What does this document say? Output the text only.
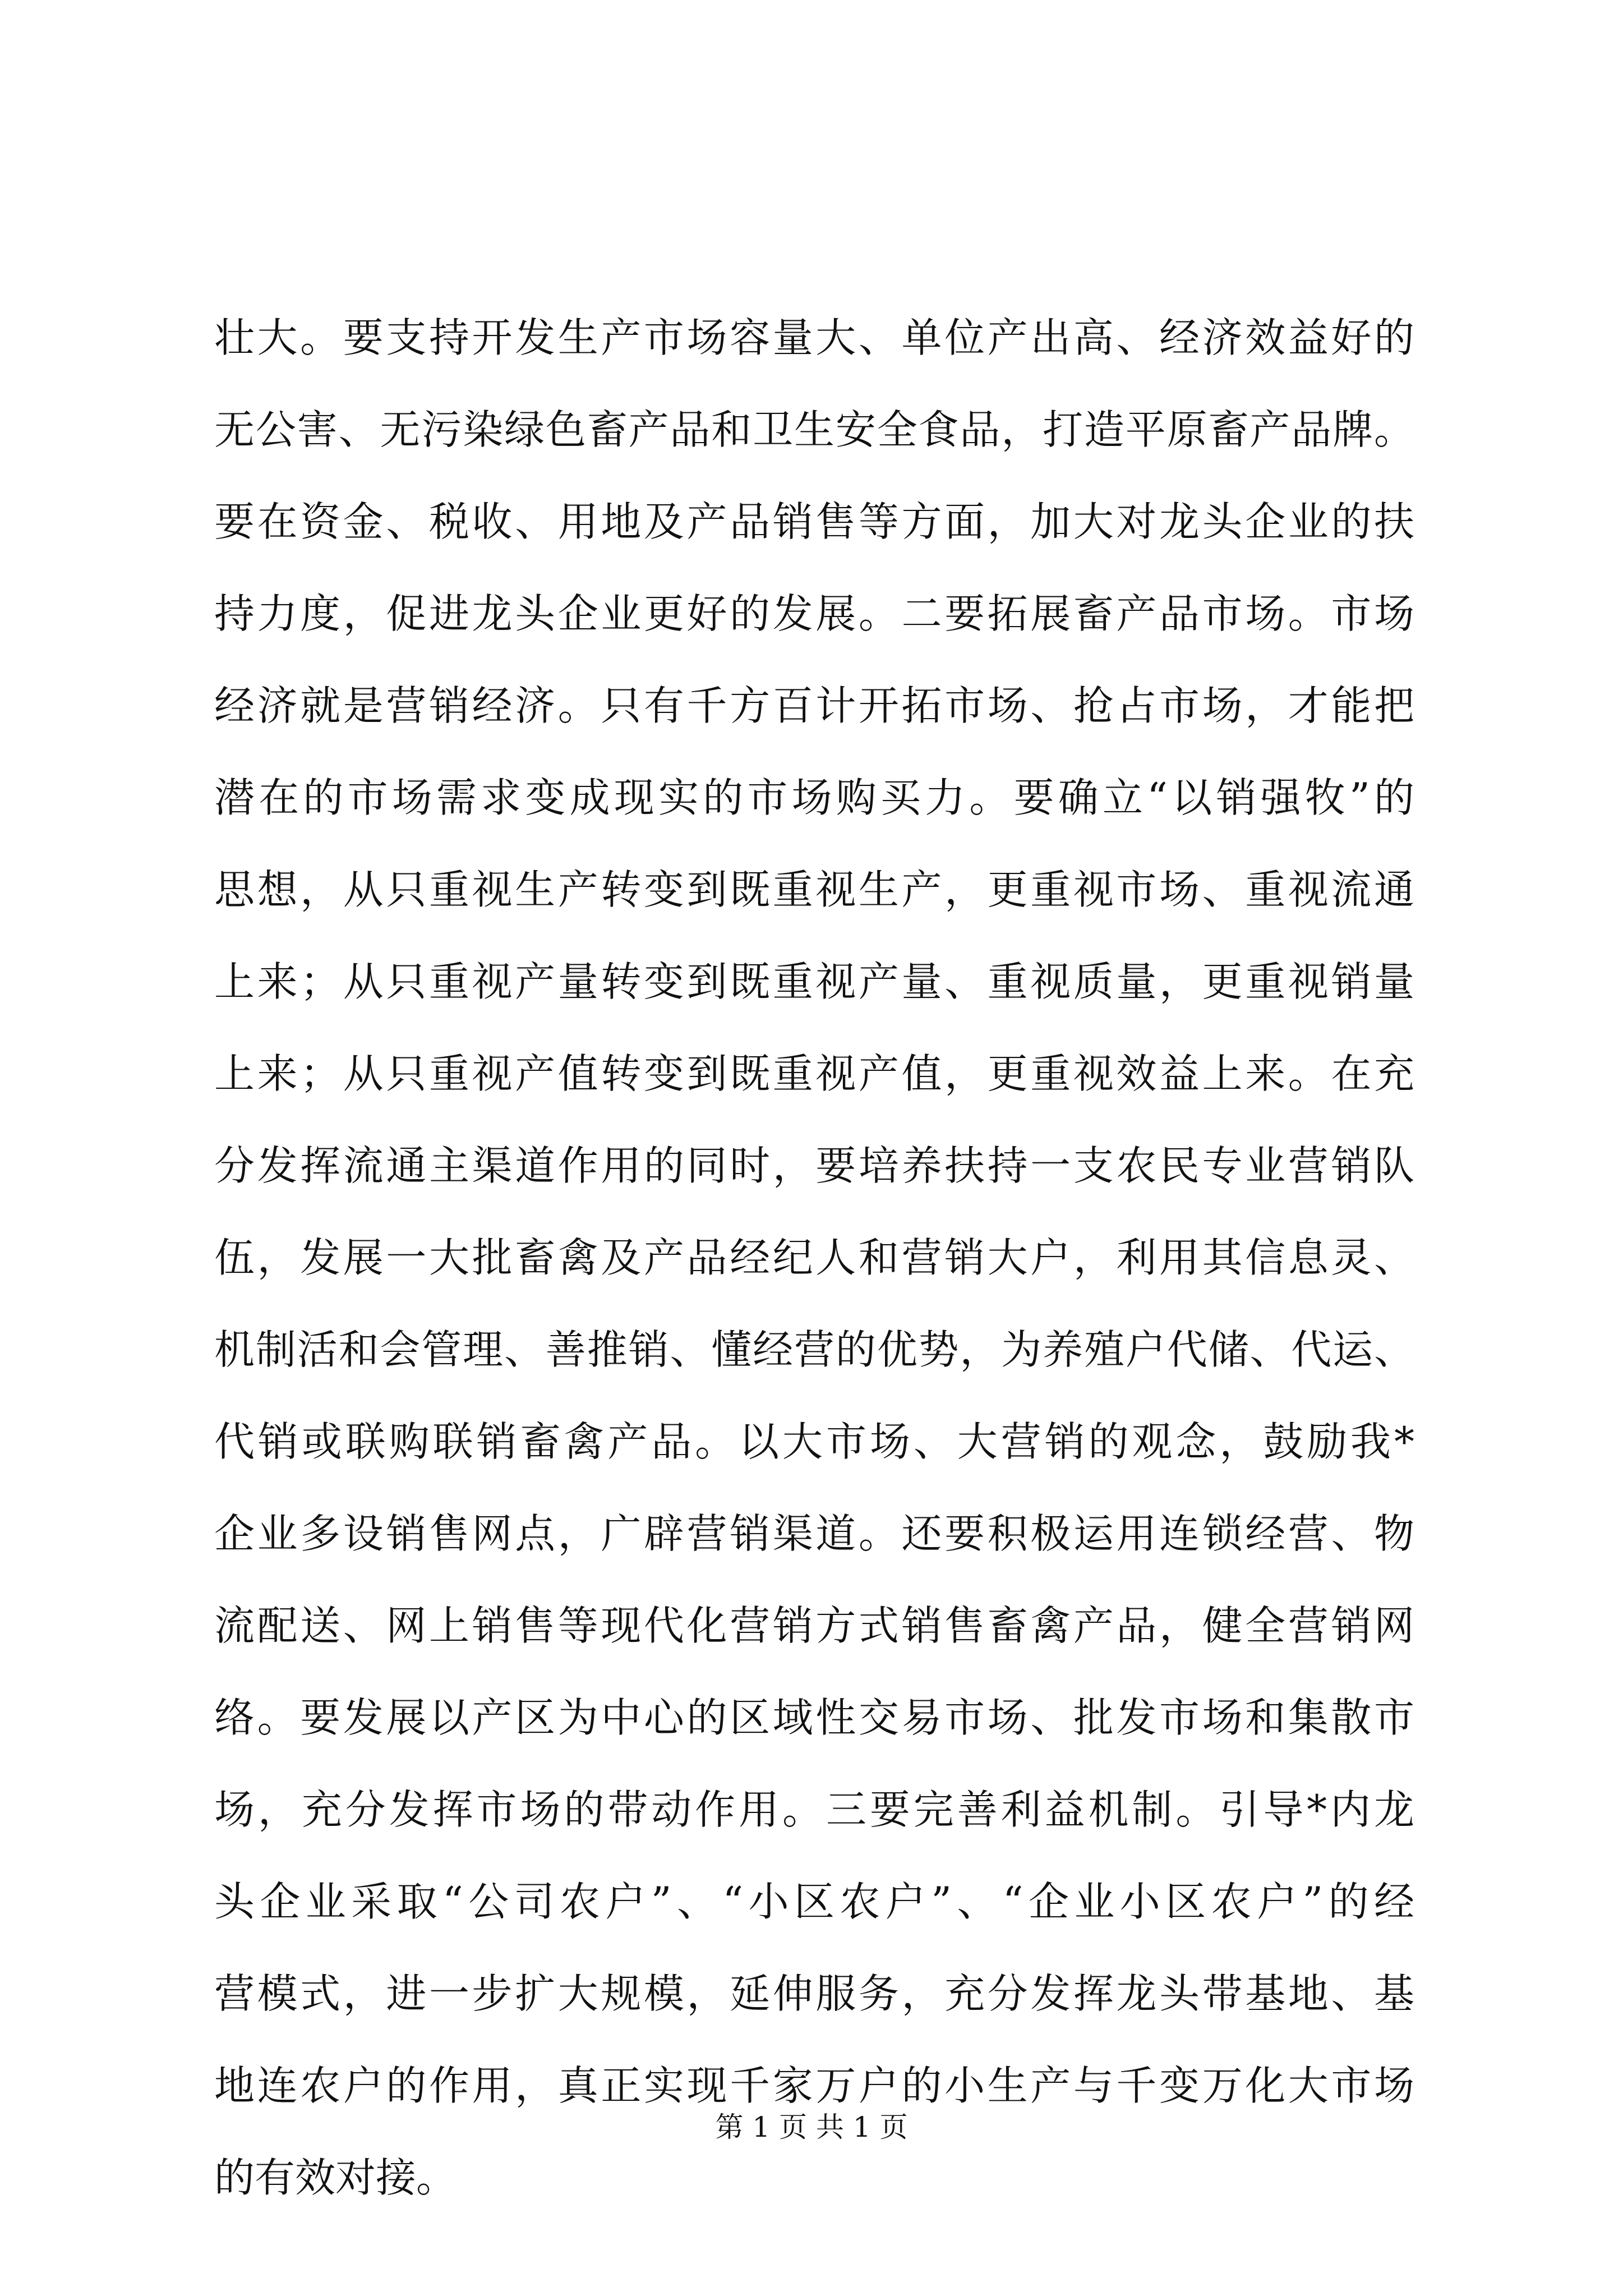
壮大。要支持开发生产市场容量大、单位产出高、经济效益好的
无公害、无污染绿色畜产品和卫生安全食品，打造平原畜产品牌。
要在资金、税收、用地及产品销售等方面，加大对龙头企业的扶
持力度，促进龙头企业更好的发展。二要拓展畜产品市场。市场
经济就是营销经济。只有千方百计开拓市场、抢占市场，才能把
潜在的市场需求变成现实的市场购买力。要确立“以销强牧”的
思想，从只重视生产转变到既重视生产，更重视市场、重视流通
上来；从只重视产量转变到既重视产量、重视质量，更重视销量
上来；从只重视产值转变到既重视产值，更重视效益上来。在充
分发挥流通主渠道作用的同时，要培养扶持一支农民专业营销队
伍，发展一大批畜禽及产品经纪人和营销大户，利用其信息灵、
机制活和会管理、善推销、懂经营的优势，为养殖户代储、代运、
代销或联购联销畜禽产品。以大市场、大营销的观念，鼓励我*
企业多设销售网点，广辟营销渠道。还要积极运用连锁经营、物
流配送、网上销售等现代化营销方式销售畜禽产品，健全营销网
络。要发展以产区为中心的区域性交易市场、批发市场和集散市
场，充分发挥市场的带动作用。三要完善利益机制。引导*内龙
头企业采取“公司农户”、“小区农户”、“企业小区农户”的经
营模式，进一步扩大规模，延伸服务，充分发挥龙头带基地、基
地连农户的作用，真正实现千家万户的小生产与千变万化大市场
的有效对接。
第 1 页 共 1 页
